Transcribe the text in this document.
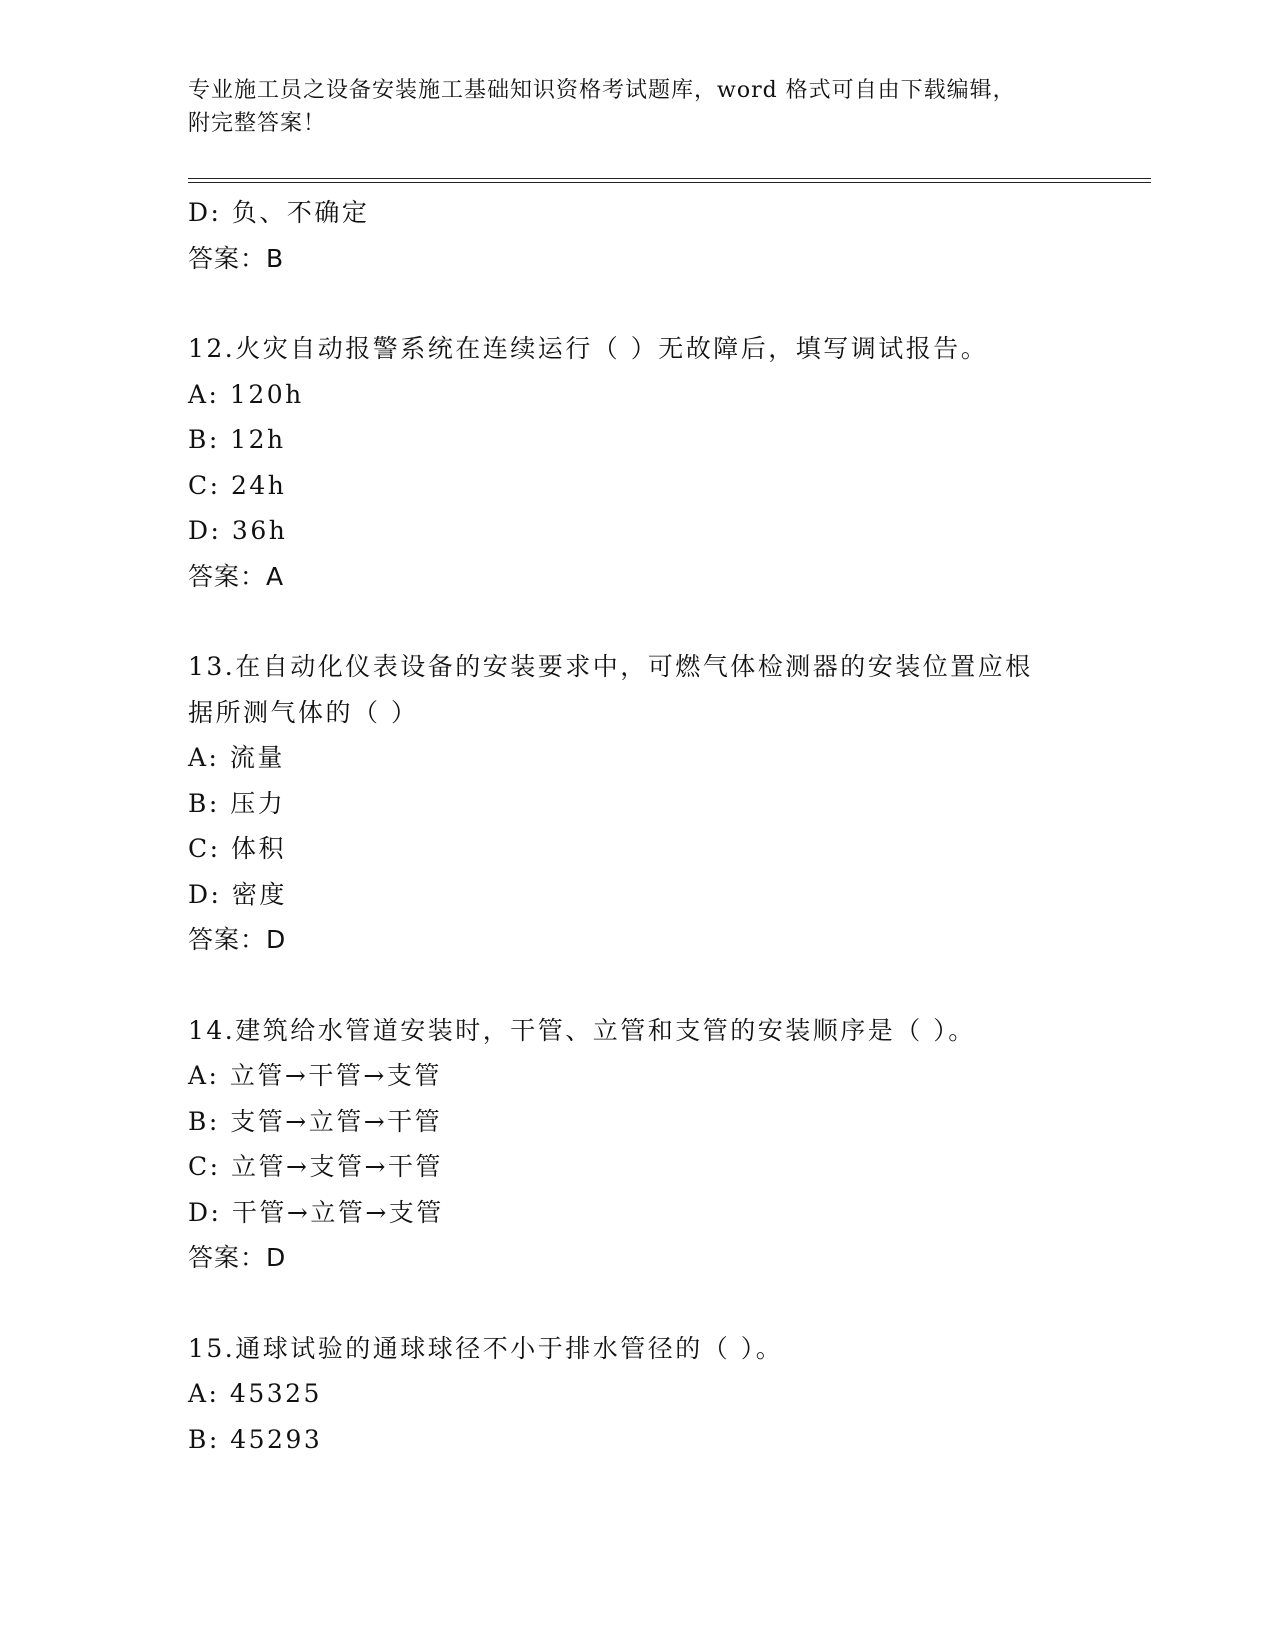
专业施工员之设备安装施工基础知识资格考试题库，word 格式可自由下载编辑，
附完整答案！
D: 负、不确定
答案：B
12.火灾自动报警系统在连续运行（ ）无故障后，填写调试报告。
A: 120h
B: 12h
C: 24h
D: 36h
答案：A
13.在自动化仪表设备的安装要求中，可燃气体检测器的安装位置应根
据所测气体的（ ）
A: 流量
B: 压力
C: 体积
D: 密度
答案：D
14.建筑给水管道安装时，干管、立管和支管的安装顺序是（ ）。
A: 立管→干管→支管
B: 支管→立管→干管
C: 立管→支管→干管
D: 干管→立管→支管
答案：D
15.通球试验的通球球径不小于排水管径的（ ）。
A: 45325
B: 45293
